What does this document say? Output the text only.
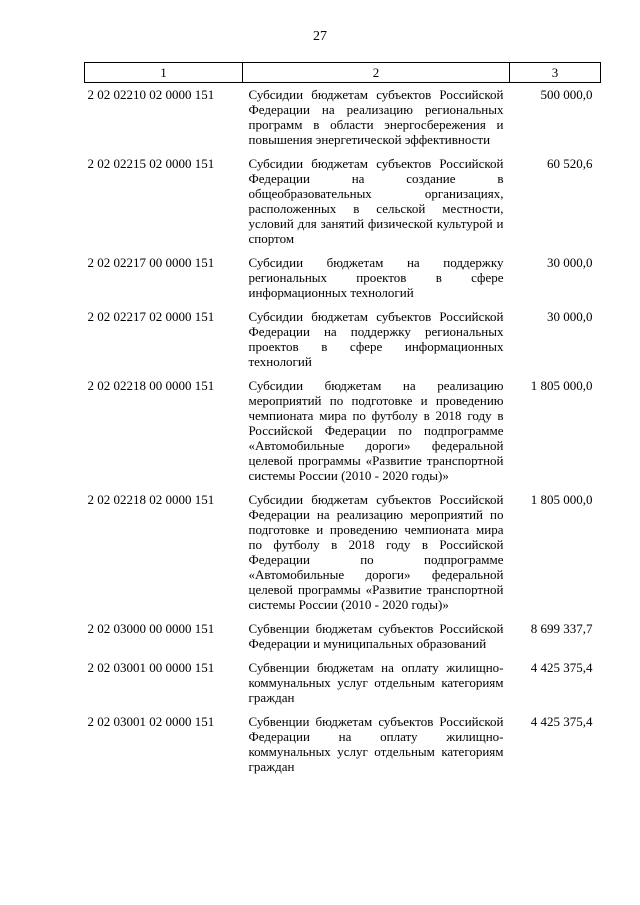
27
1	2	3
2 02 02210 02 0000 151	Субсидии бюджетам субъектов Российской Федерации на реализацию региональных программ в области энергосбережения и повышения энергетической эффективности	500 000,0
2 02 02215 02 0000 151	Субсидии бюджетам субъектов Российской Федерации на создание в общеобразовательных организациях, расположенных в сельской местности, условий для занятий физической культурой и спортом	60 520,6
2 02 02217 00 0000 151	Субсидии бюджетам на поддержку региональных проектов в сфере информационных технологий	30 000,0
2 02 02217 02 0000 151	Субсидии бюджетам субъектов Российской Федерации на поддержку региональных проектов в сфере информационных технологий	30 000,0
2 02 02218 00 0000 151	Субсидии бюджетам на реализацию мероприятий по подготовке и проведению чемпионата мира по футболу в 2018 году в Российской Федерации по подпрограмме «Автомобильные дороги» федеральной целевой программы «Развитие транспортной системы России (2010 - 2020 годы)»	1 805 000,0
2 02 02218 02 0000 151	Субсидии бюджетам субъектов Российской Федерации на реализацию мероприятий по подготовке и проведению чемпионата мира по футболу в 2018 году в Российской Федерации по подпрограмме «Автомобильные дороги» федеральной целевой программы «Развитие транспортной системы России (2010 - 2020 годы)»	1 805 000,0
2 02 03000 00 0000 151	Субвенции бюджетам субъектов Российской Федерации и муниципальных образований	8 699 337,7
2 02 03001 00 0000 151	Субвенции бюджетам на оплату жилищно-коммунальных услуг отдельным категориям граждан	4 425 375,4
2 02 03001 02 0000 151	Субвенции бюджетам субъектов Российской Федерации на оплату жилищно-коммунальных услуг отдельным категориям граждан	4 425 375,4
